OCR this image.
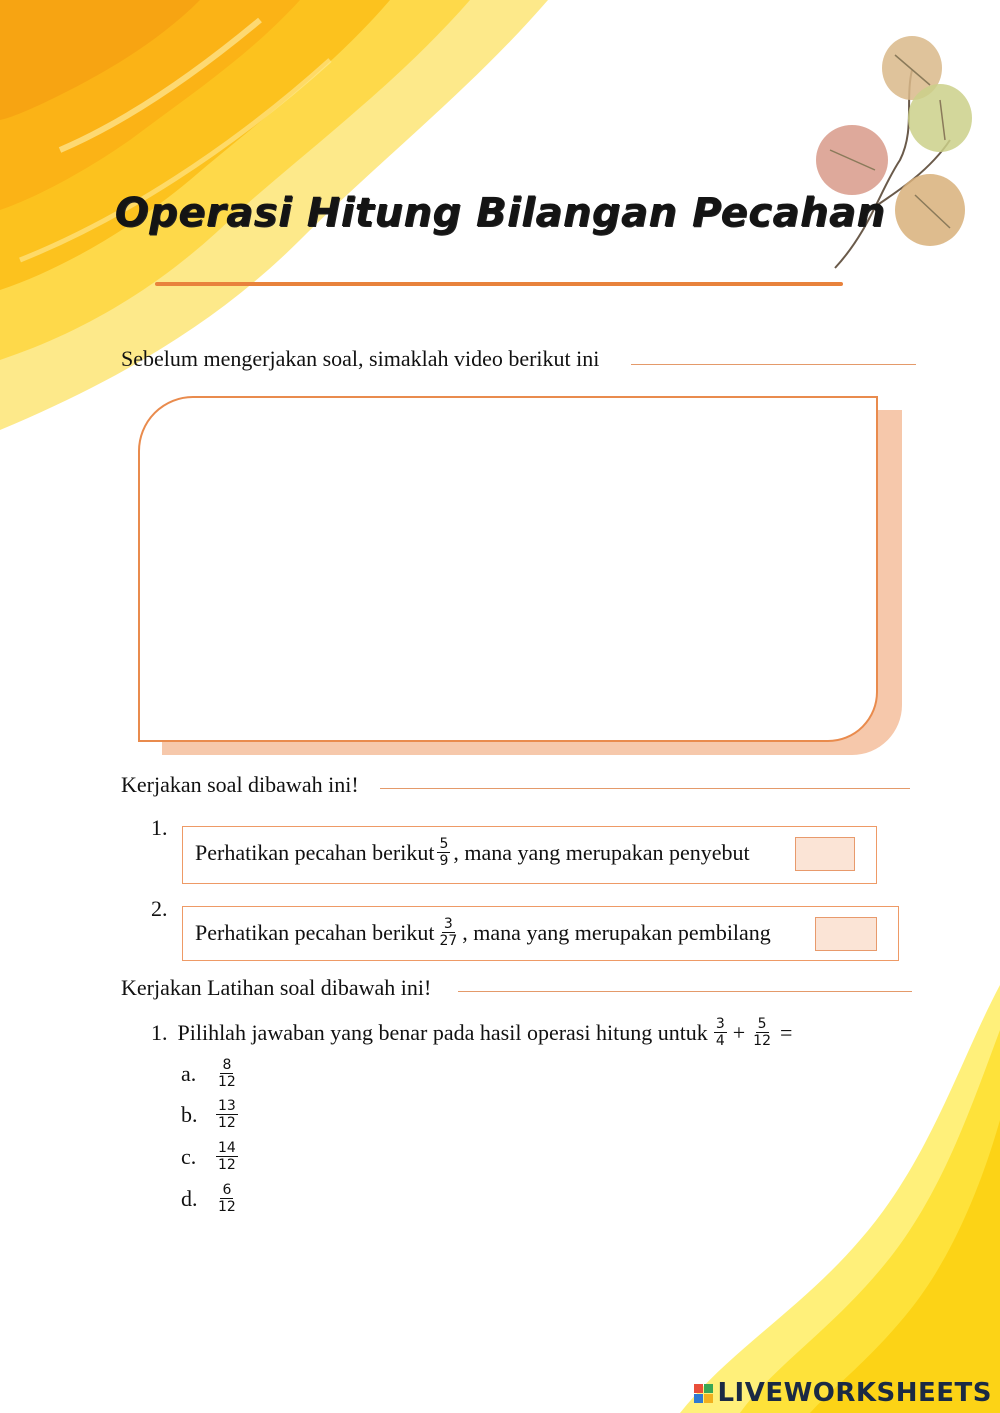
Operasi Hitung Bilangan Pecahan
Sebelum mengerjakan soal, simaklah video berikut ini
Kerjakan soal dibawah ini!
1.
Perhatikan pecahan berikut $\frac{5}{9}$ , mana yang merupakan penyebut
2.
Perhatikan pecahan berikut $\frac{3}{27}$ , mana yang merupakan pembilang
Kerjakan Latihan soal dibawah ini!
1. Pilihlah jawaban yang benar pada hasil operasi hitung untuk $\frac{3}{4} + \frac{5}{12}$ =
a.	$\frac{8}{12}$
b.	$\frac{13}{12}$
c.	$\frac{14}{12}$
d.	$\frac{6}{12}$
LIVEWORKSHEETS
